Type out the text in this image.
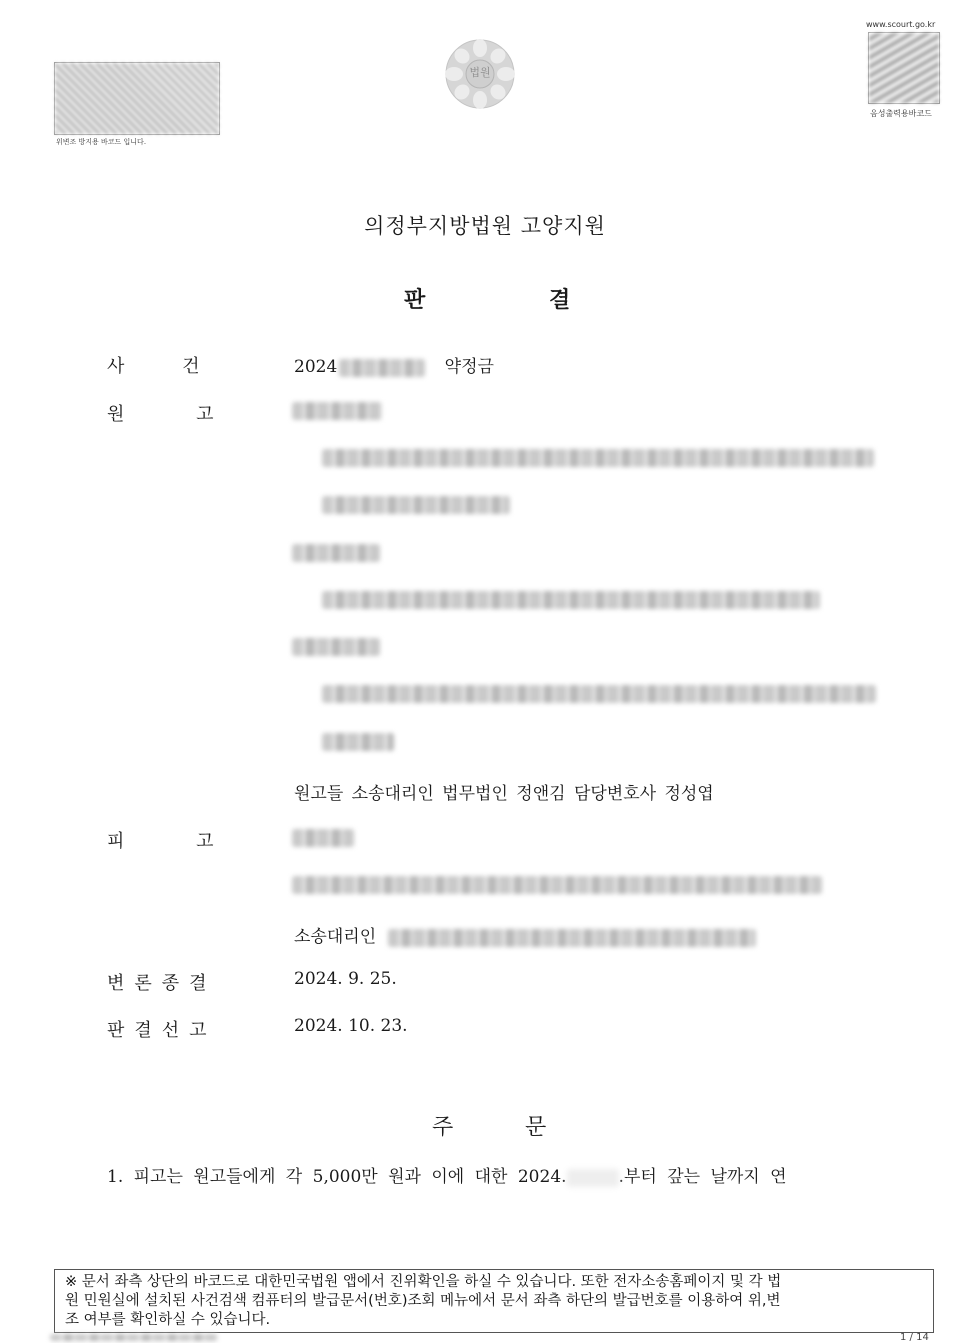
위변조 방지용 바코드 입니다.
법원
www.scourt.go.kr
음성출력용바코드
의정부지방법원 고양지원
판	결
사 건	2024	약정금
원 고
원고들 소송대리인 법무법인 정앤김 담당변호사 정성엽
피 고
소송대리인
변론종결	2024. 9. 25.
판결선고	2024. 10. 23.
주	문
1. 피고는 원고들에게 각 5,000만 원과 이에 대한 2024.	.부터 갚는 날까지 연
※ 문서 좌측 상단의 바코드로 대한민국법원 앱에서 진위확인을 하실 수 있습니다. 또한 전자소송홈페이지 및 각 법
원 민원실에 설치된 사건검색 컴퓨터의 발급문서(번호)조회 메뉴에서 문서 좌측 하단의 발급번호를 이용하여 위,변
조 여부를 확인하실 수 있습니다.
1 / 14
